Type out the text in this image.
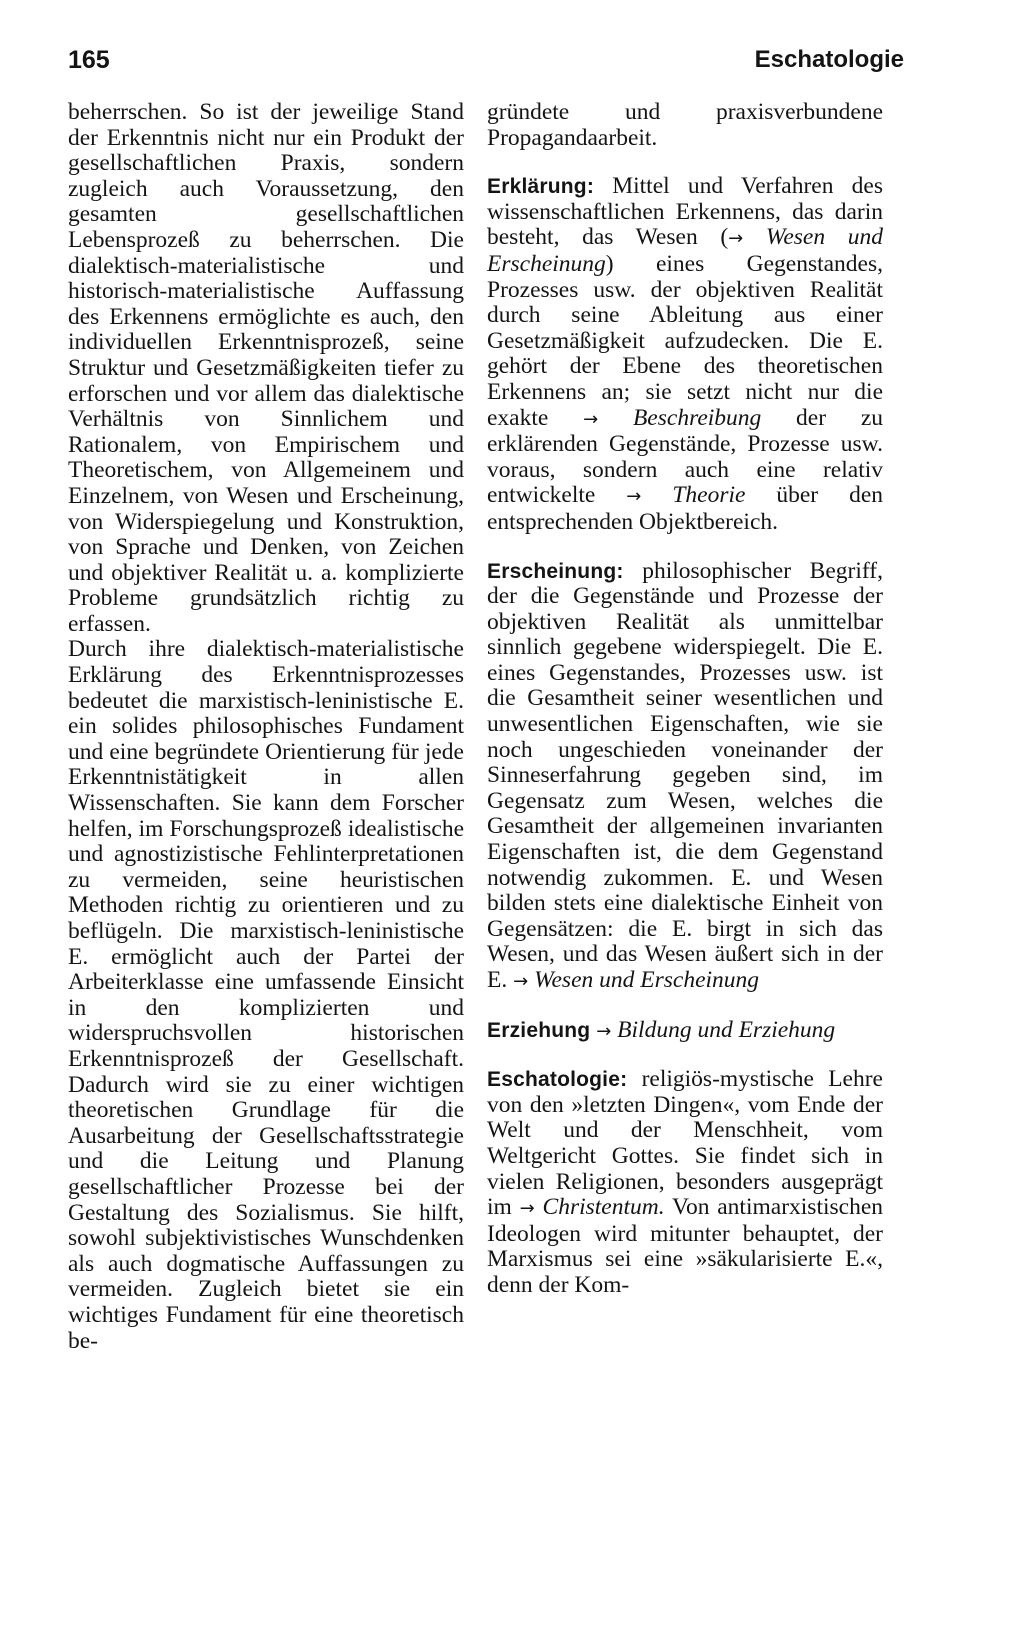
165	Eschatologie

beherrschen. So ist der jeweilige Stand der Erkenntnis nicht nur ein Produkt der gesellschaftlichen Praxis, sondern zugleich auch Voraussetzung, den gesamten gesellschaftlichen Lebensprozeß zu beherrschen. Die dialektisch-materialistische und historisch-materialistische Auffassung des Erkennens ermöglichte es auch, den individuellen Erkenntnisprozeß, seine Struktur und Gesetzmäßigkeiten tiefer zu erforschen und vor allem das dialektische Verhältnis von Sinnlichem und Rationalem, von Empirischem und Theoretischem, von Allgemeinem und Einzelnem, von Wesen und Erscheinung, von Widerspiegelung und Konstruktion, von Sprache und Denken, von Zeichen und objektiver Realität u. a. komplizierte Probleme grundsätzlich richtig zu erfassen.

Durch ihre dialektisch-materialistische Erklärung des Erkenntnisprozesses bedeutet die marxistisch-leninistische E. ein solides philosophisches Fundament und eine begründete Orientierung für jede Erkenntnistätigkeit in allen Wissenschaften. Sie kann dem Forscher helfen, im Forschungsprozeß idealistische und agnostizistische Fehlinterpretationen zu vermeiden, seine heuristischen Methoden richtig zu orientieren und zu beflügeln. Die marxistisch-leninistische E. ermöglicht auch der Partei der Arbeiterklasse eine umfassende Einsicht in den komplizierten und widerspruchsvollen historischen Erkenntnisprozeß der Gesellschaft. Dadurch wird sie zu einer wichtigen theoretischen Grundlage für die Ausarbeitung der Gesellschaftsstrategie und die Leitung und Planung gesellschaftlicher Prozesse bei der Gestaltung des Sozialismus. Sie hilft, sowohl subjektivistisches Wunschdenken als auch dogmatische Auffassungen zu vermeiden. Zugleich bietet sie ein wichtiges Fundament für eine theoretisch be-

gründete und praxisverbundene Propagandaarbeit.

Erklärung: Mittel und Verfahren des wissenschaftlichen Erkennens, das darin besteht, das Wesen (→ Wesen und Erscheinung) eines Gegenstandes, Prozesses usw. der objektiven Realität durch seine Ableitung aus einer Gesetzmäßigkeit aufzudecken. Die E. gehört der Ebene des theoretischen Erkennens an; sie setzt nicht nur die exakte → Beschreibung der zu erklärenden Gegenstände, Prozesse usw. voraus, sondern auch eine relativ entwickelte → Theorie über den entsprechenden Objektbereich.

Erscheinung: philosophischer Begriff, der die Gegenstände und Prozesse der objektiven Realität als unmittelbar sinnlich gegebene widerspiegelt. Die E. eines Gegenstandes, Prozesses usw. ist die Gesamtheit seiner wesentlichen und unwesentlichen Eigenschaften, wie sie noch ungeschieden voneinander der Sinneserfahrung gegeben sind, im Gegensatz zum Wesen, welches die Gesamtheit der allgemeinen invarianten Eigenschaften ist, die dem Gegenstand notwendig zukommen. E. und Wesen bilden stets eine dialektische Einheit von Gegensätzen: die E. birgt in sich das Wesen, und das Wesen äußert sich in der E. → Wesen und Erscheinung

Erziehung → Bildung und Erziehung

Eschatologie: religiös-mystische Lehre von den »letzten Dingen«, vom Ende der Welt und der Menschheit, vom Weltgericht Gottes. Sie findet sich in vielen Religionen, besonders ausgeprägt im → Christentum. Von antimarxistischen Ideologen wird mitunter behauptet, der Marxismus sei eine »säkularisierte E.«, denn der Kom-
